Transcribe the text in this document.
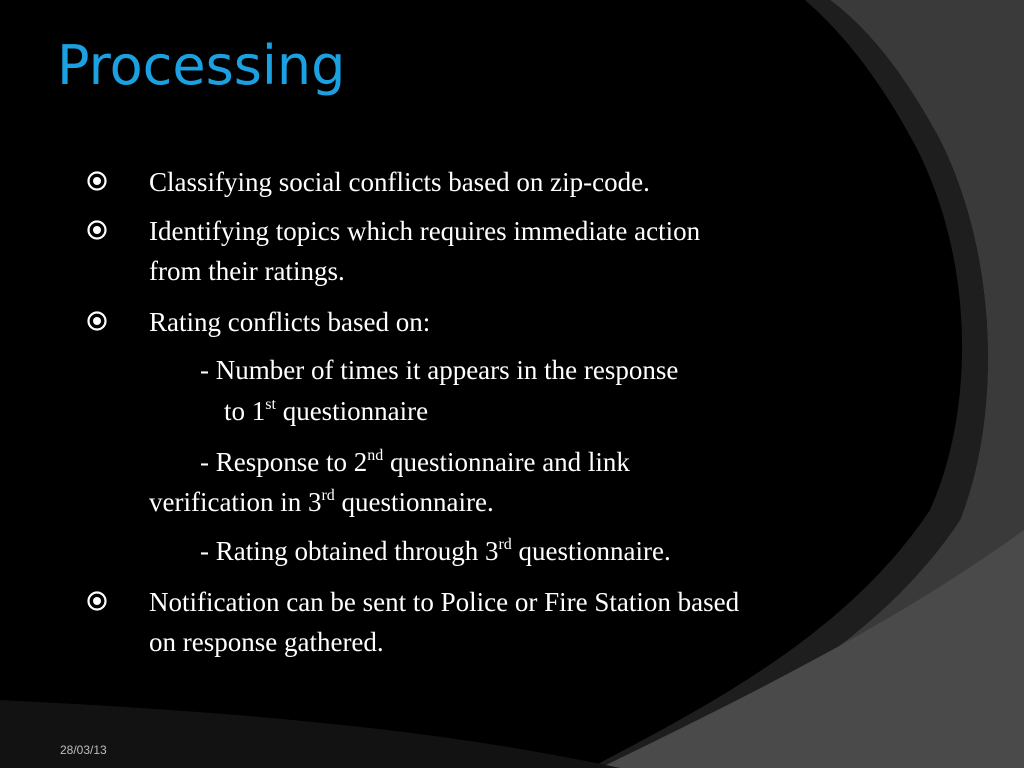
Processing
Classifying social conflicts based on zip-code.
Identifying topics which requires immediate action
from their ratings.
Rating conflicts based on:
- Number of times it appears in the response
to 1st questionnaire
- Response to 2nd questionnaire and link
verification in 3rd questionnaire.
- Rating obtained through 3rd questionnaire.
Notification can be sent to Police or Fire Station based
on response gathered.
28/03/13
